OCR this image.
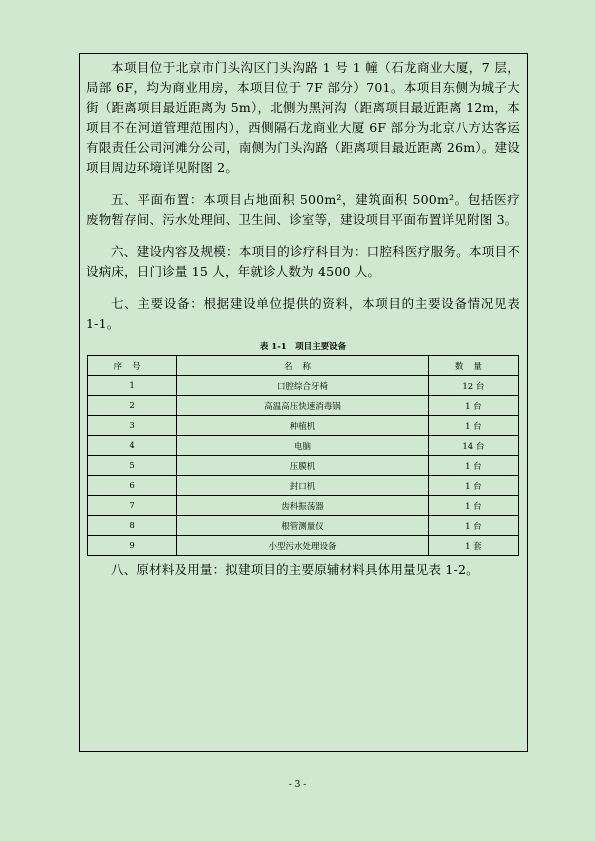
本项目位于北京市门头沟区门头沟路 1 号 1 幢（石龙商业大厦，7 层，局部 6F，均为商业用房，本项目位于 7F 部分）701。本项目东侧为城子大街（距离项目最近距离为 5m），北侧为黑河沟（距离项目最近距离 12m，本项目不在河道管理范围内），西侧隔石龙商业大厦 6F 部分为北京八方达客运有限责任公司河滩分公司，南侧为门头沟路（距离项目最近距离 26m）。建设项目周边环境详见附图 2。

五、平面布置：本项目占地面积 500m²，建筑面积 500m²。包括医疗废物暂存间、污水处理间、卫生间、诊室等，建设项目平面布置详见附图 3。

六、建设内容及规模：本项目的诊疗科目为：口腔科医疗服务。本项目不设病床，日门诊量 15 人，年就诊人数为 4500 人。

七、主要设备：根据建设单位提供的资料，本项目的主要设备情况见表 1-1。

表 1-1　项目主要设备
序号	名称	数量
1	口腔综合牙椅	12 台
2	高温高压快速消毒锅	1 台
3	种植机	1 台
4	电脑	14 台
5	压膜机	1 台
6	封口机	1 台
7	齿科振荡器	1 台
8	根管测量仪	1 台
9	小型污水处理设备	1 套

八、原材料及用量：拟建项目的主要原辅材料具体用量见表 1-2。

- 3 -
